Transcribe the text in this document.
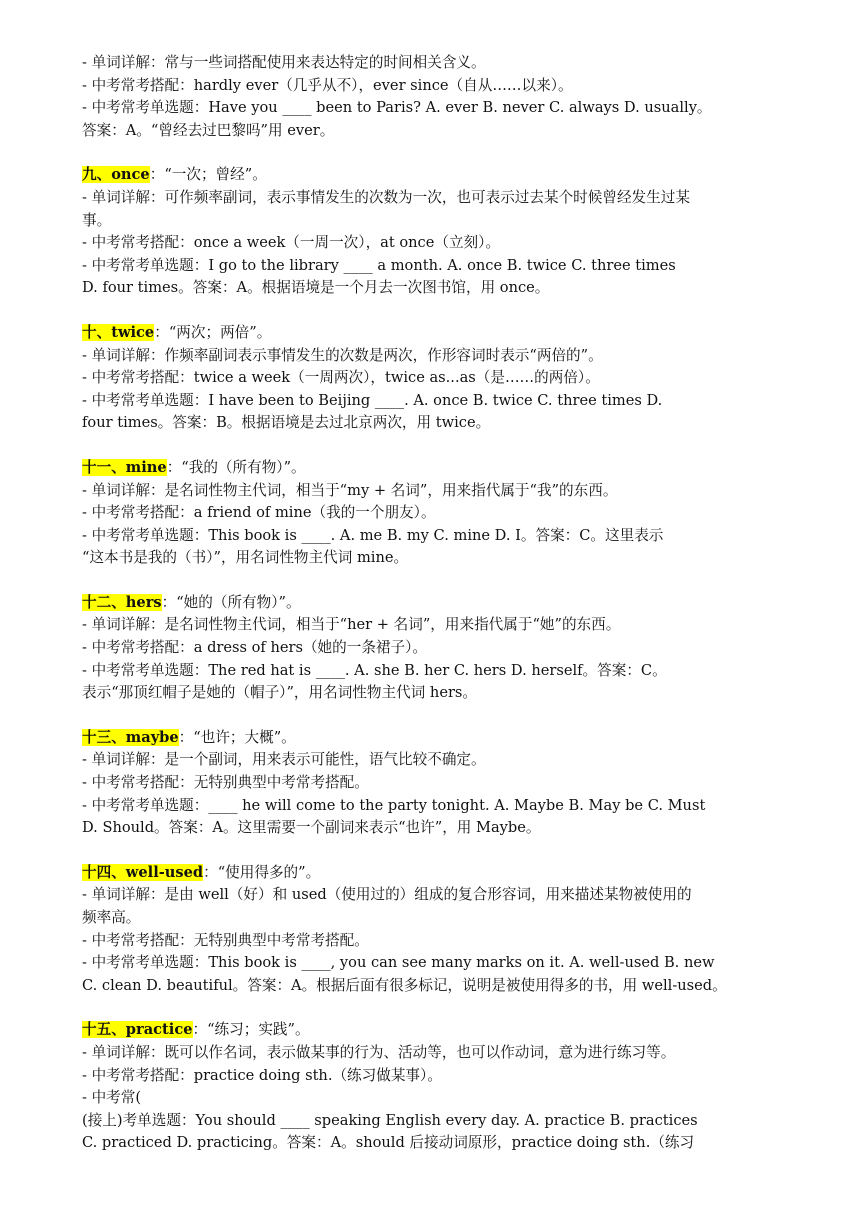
- 单词详解：常与一些词搭配使用来表达特定的时间相关含义。
- 中考常考搭配：hardly ever（几乎从不），ever since（自从……以来）。
- 中考常考单选题：Have you ____ been to Paris? A. ever B. never C. always D. usually。
答案：A。“曾经去过巴黎吗”用 ever。
九、once：“一次；曾经”。
- 单词详解：可作频率副词，表示事情发生的次数为一次，也可表示过去某个时候曾经发生过某
事。
- 中考常考搭配：once a week（一周一次），at once（立刻）。
- 中考常考单选题：I go to the library ____ a month. A. once B. twice C. three times
D. four times。答案：A。根据语境是一个月去一次图书馆，用 once。
十、twice：“两次；两倍”。
- 单词详解：作频率副词表示事情发生的次数是两次，作形容词时表示“两倍的”。
- 中考常考搭配：twice a week（一周两次），twice as...as（是……的两倍）。
- 中考常考单选题：I have been to Beijing ____. A. once B. twice C. three times D.
four times。答案：B。根据语境是去过北京两次，用 twice。
十一、mine：“我的（所有物）”。
- 单词详解：是名词性物主代词，相当于“my + 名词”，用来指代属于“我”的东西。
- 中考常考搭配：a friend of mine（我的一个朋友）。
- 中考常考单选题：This book is ____. A. me B. my C. mine D. I。答案：C。这里表示
“这本书是我的（书）”，用名词性物主代词 mine。
十二、hers：“她的（所有物）”。
- 单词详解：是名词性物主代词，相当于“her + 名词”，用来指代属于“她”的东西。
- 中考常考搭配：a dress of hers（她的一条裙子）。
- 中考常考单选题：The red hat is ____. A. she B. her C. hers D. herself。答案：C。
表示“那顶红帽子是她的（帽子）”，用名词性物主代词 hers。
十三、maybe：“也许；大概”。
- 单词详解：是一个副词，用来表示可能性，语气比较不确定。
- 中考常考搭配：无特别典型中考常考搭配。
- 中考常考单选题：____ he will come to the party tonight. A. Maybe B. May be C. Must
D. Should。答案：A。这里需要一个副词来表示“也许”，用 Maybe。
十四、well-used：“使用得多的”。
- 单词详解：是由 well（好）和 used（使用过的）组成的复合形容词，用来描述某物被使用的
频率高。
- 中考常考搭配：无特别典型中考常考搭配。
- 中考常考单选题：This book is ____, you can see many marks on it. A. well-used B. new
C. clean D. beautiful。答案：A。根据后面有很多标记，说明是被使用得多的书，用 well-used。
十五、practice：“练习；实践”。
- 单词详解：既可以作名词，表示做某事的行为、活动等，也可以作动词，意为进行练习等。
- 中考常考搭配：practice doing sth.（练习做某事）。
- 中考常(
(接上)考单选题：You should ____ speaking English every day. A. practice B. practices
C. practiced D. practicing。答案：A。should 后接动词原形，practice doing sth.（练习
